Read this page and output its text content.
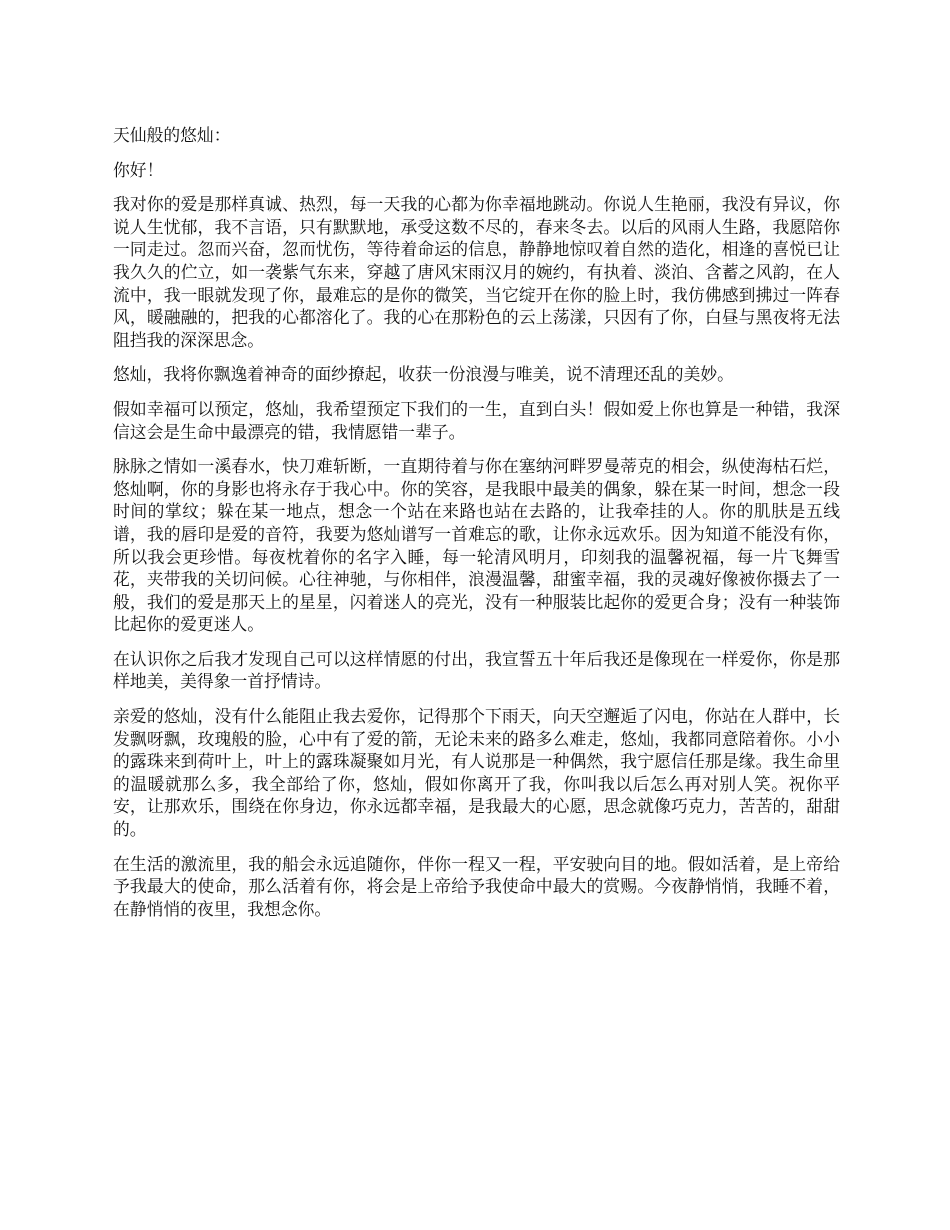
天仙般的悠灿：

你好！

我对你的爱是那样真诚、热烈，每一天我的心都为你幸福地跳动。你说人生艳丽，我没有异议，你说人生忧郁，我不言语，只有默默地，承受这数不尽的，春来冬去。以后的风雨人生路，我愿陪你一同走过。忽而兴奋，忽而忧伤，等待着命运的信息，静静地惊叹着自然的造化，相逢的喜悦已让我久久的伫立，如一袭紫气东来，穿越了唐风宋雨汉月的婉约，有执着、淡泊、含蓄之风韵，在人流中，我一眼就发现了你，最难忘的是你的微笑，当它绽开在你的脸上时，我仿佛感到拂过一阵春风，暖融融的，把我的心都溶化了。我的心在那粉色的云上荡漾，只因有了你，白昼与黑夜将无法阻挡我的深深思念。

悠灿，我将你飘逸着神奇的面纱撩起，收获一份浪漫与唯美，说不清理还乱的美妙。

假如幸福可以预定，悠灿，我希望预定下我们的一生，直到白头！假如爱上你也算是一种错，我深信这会是生命中最漂亮的错，我情愿错一辈子。

脉脉之情如一溪春水，快刀难斩断，一直期待着与你在塞纳河畔罗曼蒂克的相会，纵使海枯石烂，悠灿啊，你的身影也将永存于我心中。你的笑容，是我眼中最美的偶象，躲在某一时间，想念一段时间的掌纹；躲在某一地点，想念一个站在来路也站在去路的，让我牵挂的人。你的肌肤是五线谱，我的唇印是爱的音符，我要为悠灿谱写一首难忘的歌，让你永远欢乐。因为知道不能没有你，所以我会更珍惜。每夜枕着你的名字入睡，每一轮清风明月，印刻我的温馨祝福，每一片飞舞雪花，夹带我的关切问候。心往神驰，与你相伴，浪漫温馨，甜蜜幸福，我的灵魂好像被你摄去了一般，我们的爱是那天上的星星，闪着迷人的亮光，没有一种服装比起你的爱更合身；没有一种装饰比起你的爱更迷人。

在认识你之后我才发现自己可以这样情愿的付出，我宣誓五十年后我还是像现在一样爱你，你是那样地美，美得象一首抒情诗。

亲爱的悠灿，没有什么能阻止我去爱你，记得那个下雨天，向天空邂逅了闪电，你站在人群中，长发飘呀飘，玫瑰般的脸，心中有了爱的箭，无论未来的路多么难走，悠灿，我都同意陪着你。小小的露珠来到荷叶上，叶上的露珠凝聚如月光，有人说那是一种偶然，我宁愿信任那是缘。我生命里的温暖就那么多，我全部给了你，悠灿，假如你离开了我，你叫我以后怎么再对别人笑。祝你平安，让那欢乐，围绕在你身边，你永远都幸福，是我最大的心愿，思念就像巧克力，苦苦的，甜甜的。

在生活的激流里，我的船会永远追随你，伴你一程又一程，平安驶向目的地。假如活着，是上帝给予我最大的使命，那么活着有你，将会是上帝给予我使命中最大的赏赐。今夜静悄悄，我睡不着，在静悄悄的夜里，我想念你。
